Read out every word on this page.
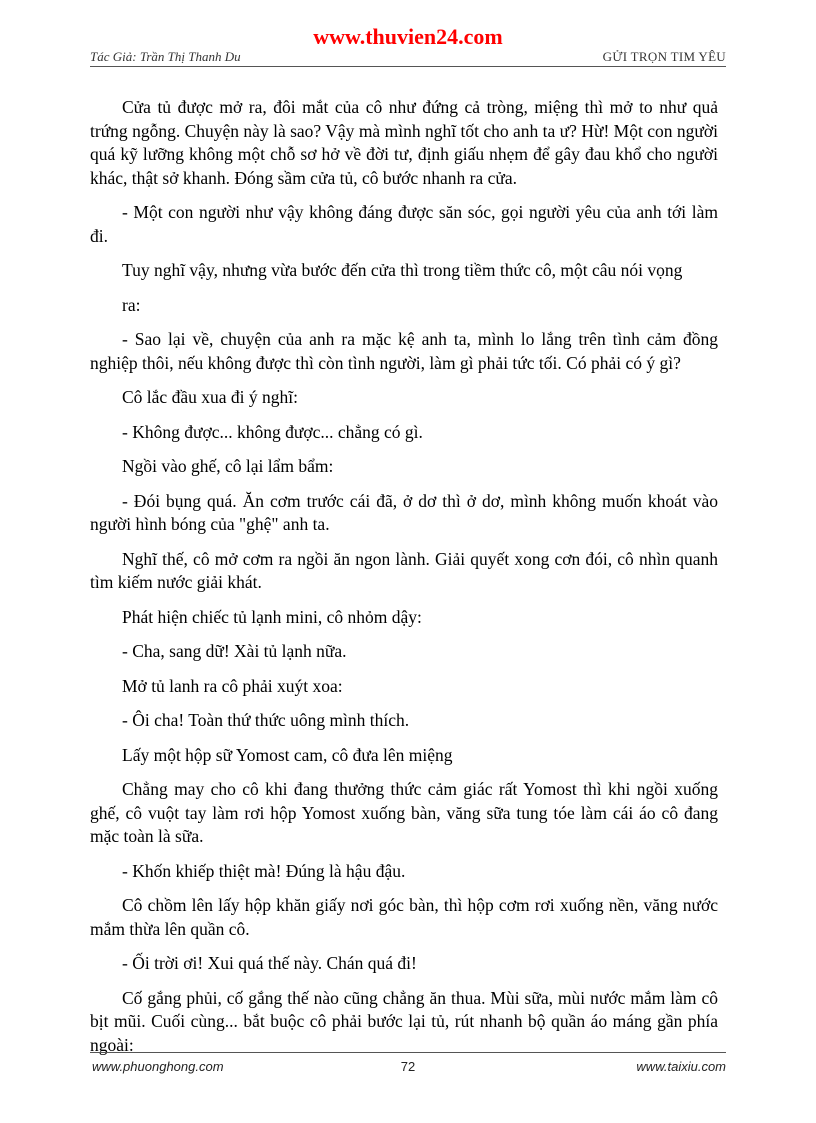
www.thuvien24.com
Tác Giả: Trần Thị Thanh Du	GỬI TRỌN TIM YÊU

Cửa tủ được mở ra, đôi mắt của cô như đứng cả tròng, miệng thì mở to như quả trứng ngỗng. Chuyện này là sao? Vậy mà mình nghĩ tốt cho anh ta ư? Hừ! Một con người quá kỹ lưỡng không một chỗ sơ hở về đời tư, định giấu nhẹm để gây đau khổ cho người khác, thật sở khanh. Đóng sầm cửa tủ, cô bước nhanh ra cửa.

- Một con người như vậy không đáng được săn sóc, gọi người yêu của anh tới làm đi.

Tuy nghĩ vậy, nhưng vừa bước đến cửa thì trong tiềm thức cô, một câu nói vọng

ra:

- Sao lại về, chuyện của anh ra mặc kệ anh ta, mình lo lắng trên tình cảm đồng nghiệp thôi, nếu không được thì còn tình người, làm gì phải tức tối. Có phải có ý gì?

Cô lắc đầu xua đi ý nghĩ:

- Không được... không được... chẳng có gì.

Ngồi vào ghế, cô lại lẩm bẩm:

- Đói bụng quá. Ăn cơm trước cái đã, ở dơ thì ở dơ, mình không muốn khoát vào người hình bóng của "ghệ" anh ta.

Nghĩ thế, cô mở cơm ra ngồi ăn ngon lành. Giải quyết xong cơn đói, cô nhìn quanh tìm kiếm nước giải khát.

Phát hiện chiếc tủ lạnh mini, cô nhỏm dậy:

- Cha, sang dữ! Xài tủ lạnh nữa.

Mở tủ lanh ra cô phải xuýt xoa:

- Ôi cha! Toàn thứ thức uông mình thích.

Lấy một hộp sữ Yomost cam, cô đưa lên miệng

Chẳng may cho cô khi đang thưởng thức cảm giác rất Yomost thì khi ngồi xuống ghế, cô vuột tay làm rơi hộp Yomost xuống bàn, văng sữa tung tóe làm cái áo cô đang mặc toàn là sữa.

- Khốn khiếp thiệt mà! Đúng là hậu đậu.

Cô chồm lên lấy hộp khăn giấy nơi góc bàn, thì hộp cơm rơi xuống nền, văng nước mắm thừa lên quần cô.

- Ối trời ơi! Xui quá thế này. Chán quá đi!

Cố gắng phủi, cố gắng thế nào cũng chẳng ăn thua. Mùi sữa, mùi nước mắm làm cô bịt mũi. Cuối cùng... bắt buộc cô phải bước lại tủ, rút nhanh bộ quần áo máng gần phía ngoài:

www.phuonghong.com	72	www.taixiu.com
